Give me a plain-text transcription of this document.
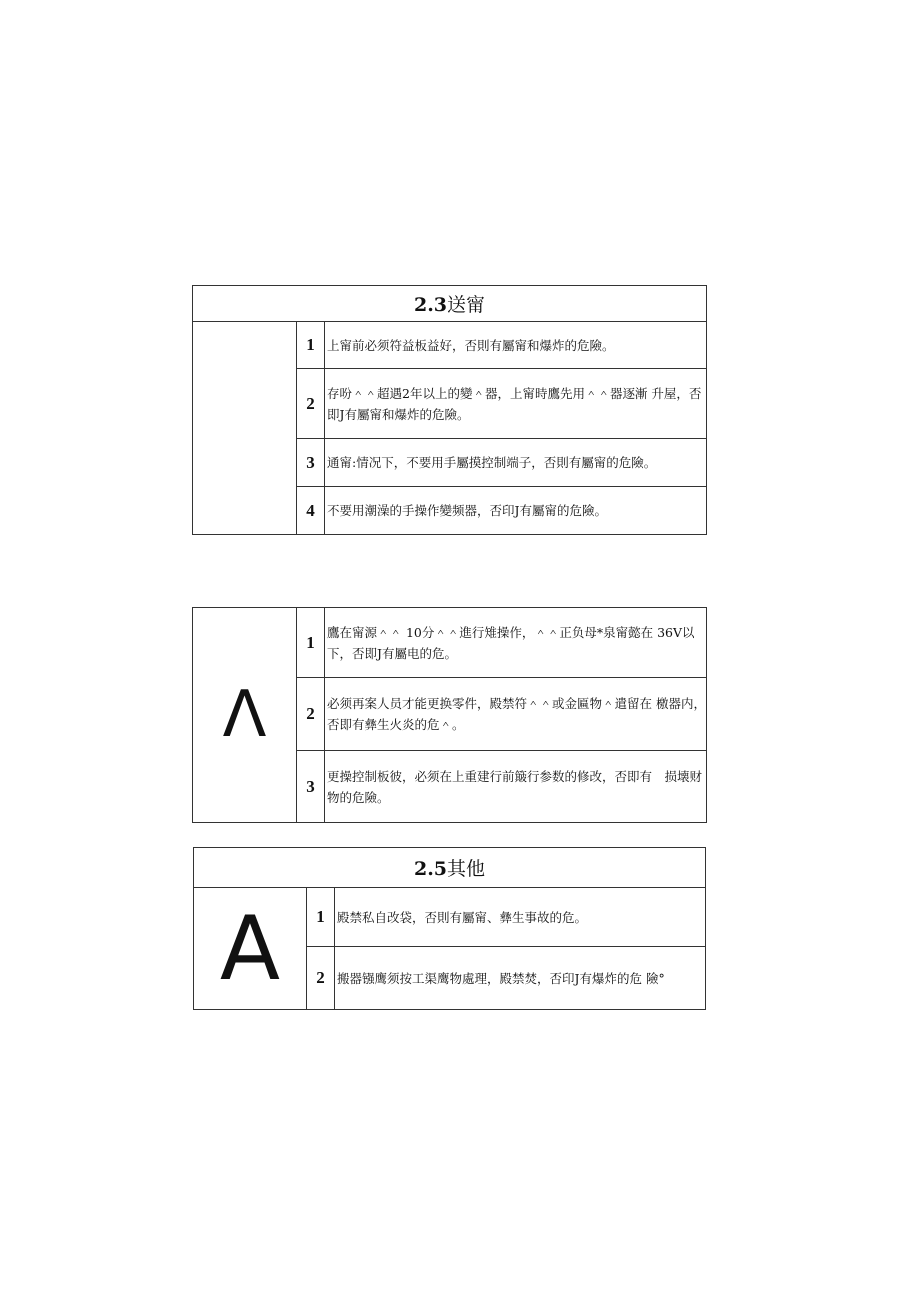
2.3送甯		
	1	上甯前必须符益板益好，否則有屬甯和爆炸的危險。
	2	存吩＾＾超遇2年以上的變＾器，上甯時鷹先用＾＾器逐漸 升屋，否即J有屬甯和爆炸的危險。
	3	通甯:情况下，不要用手屬摸控制端子，否則有屬甯的危險。
	4	不要用潮澡的手操作變频器，否印J有屬甯的危險。
Λ	1	鷹在甯源＾＾ 10分＾＾進行雉操作，＾＾正负母*泉甯懿在 36V以下，否即J有屬电的危。
	2	必须再案人员才能更换零件，殿禁符＾＾或金匾物＾遣留在 檄器内，否即有彝生火炎的危＾。
	3	更操控制板彼，必须在上重建行前簸行参数的修改，否即有　损壊财物的危險。
2.5其他		
A	1	殿禁私自改袋，否則有屬甯、彝生事故的危。
	2	搬器镪鹰须按工渠鹰物處理，殿禁焚，否印J有爆炸的危 險°
